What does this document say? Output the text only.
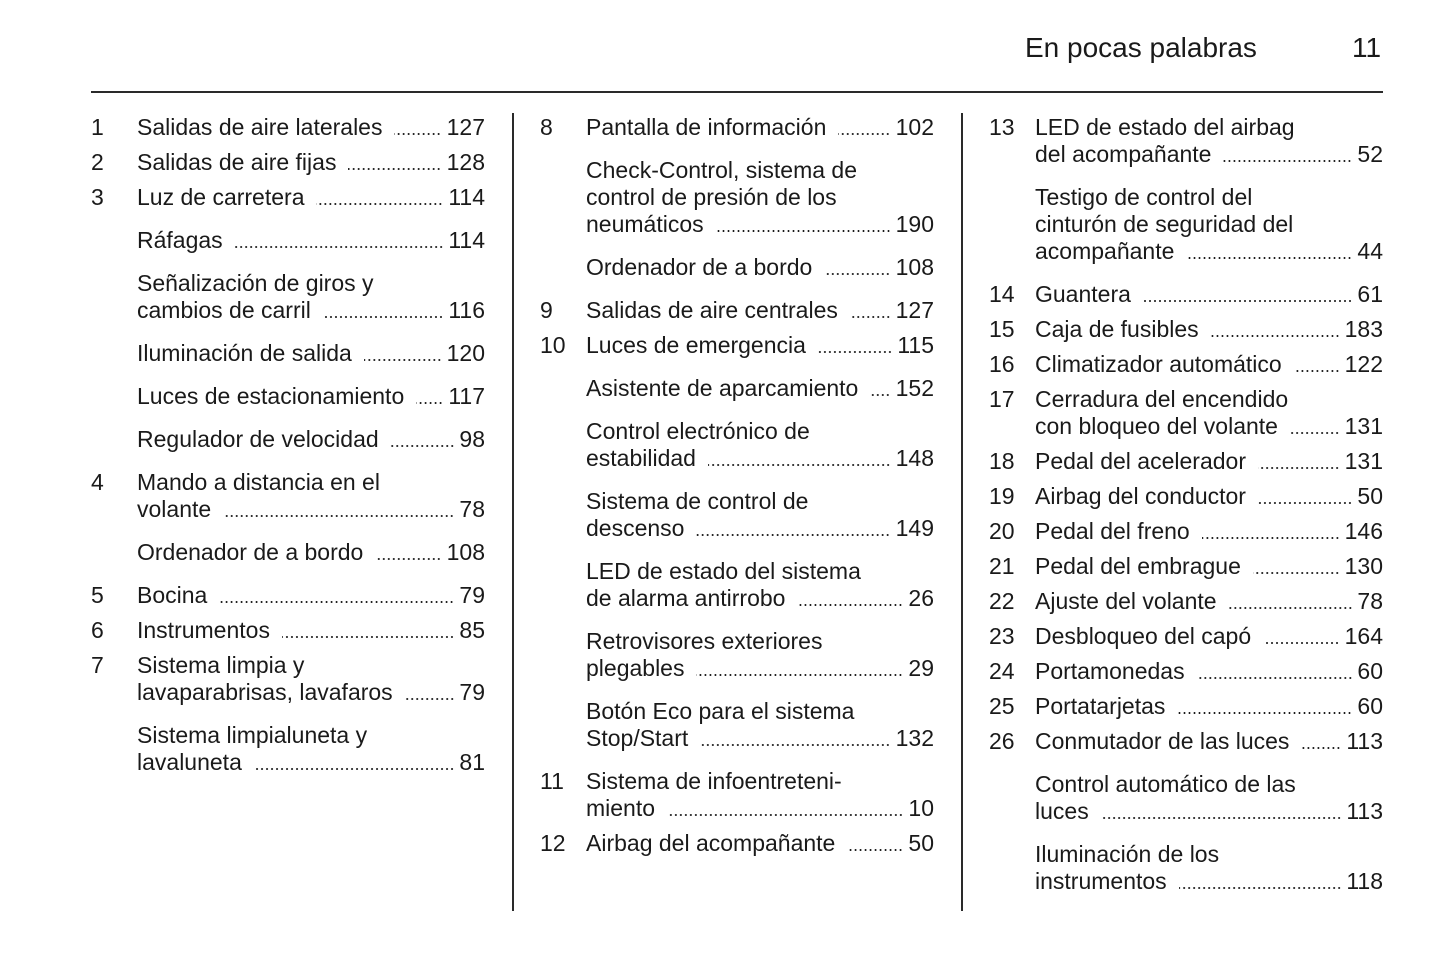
En pocas palabras	11
1 Salidas de aire laterales	127
2 Salidas de aire fijas	128
3 Luz de carretera	114
Ráfagas	114
Señalización de giros y
cambios de carril	116
Iluminación de salida	120
Luces de estacionamiento 117
Regulador de velocidad	98
4 Mando a distancia en el
volante	78
Ordenador de a bordo	108
5 Bocina	79
6 Instrumentos	85
7 Sistema limpia y
lavaparabrisas, lavafaros	79
Sistema limpialuneta y
lavaluneta	81
8 Pantalla de información	102
Check-Control, sistema de
control de presión de los
neumáticos	190
Ordenador de a bordo	108
9 Salidas de aire centrales	127
10 Luces de emergencia	115
Asistente de aparcamiento 152
Control electrónico de
estabilidad	148
Sistema de control de
descenso	149
LED de estado del sistema
de alarma antirrobo	26
Retrovisores exteriores
plegables	29
Botón Eco para el sistema
Stop/Start	132
11 Sistema de infoentreteni-
miento	10
12 Airbag del acompañante	50
13 LED de estado del airbag
del acompañante	52
Testigo de control del
cinturón de seguridad del
acompañante	44
14 Guantera	61
15 Caja de fusibles	183
16 Climatizador automático	122
17 Cerradura del encendido
con bloqueo del volante	131
18 Pedal del acelerador	131
19 Airbag del conductor	50
20 Pedal del freno	146
21 Pedal del embrague	130
22 Ajuste del volante	78
23 Desbloqueo del capó	164
24 Portamonedas	60
25 Portatarjetas	60
26 Conmutador de las luces 113
Control automático de las
luces	113
Iluminación de los
instrumentos	118
